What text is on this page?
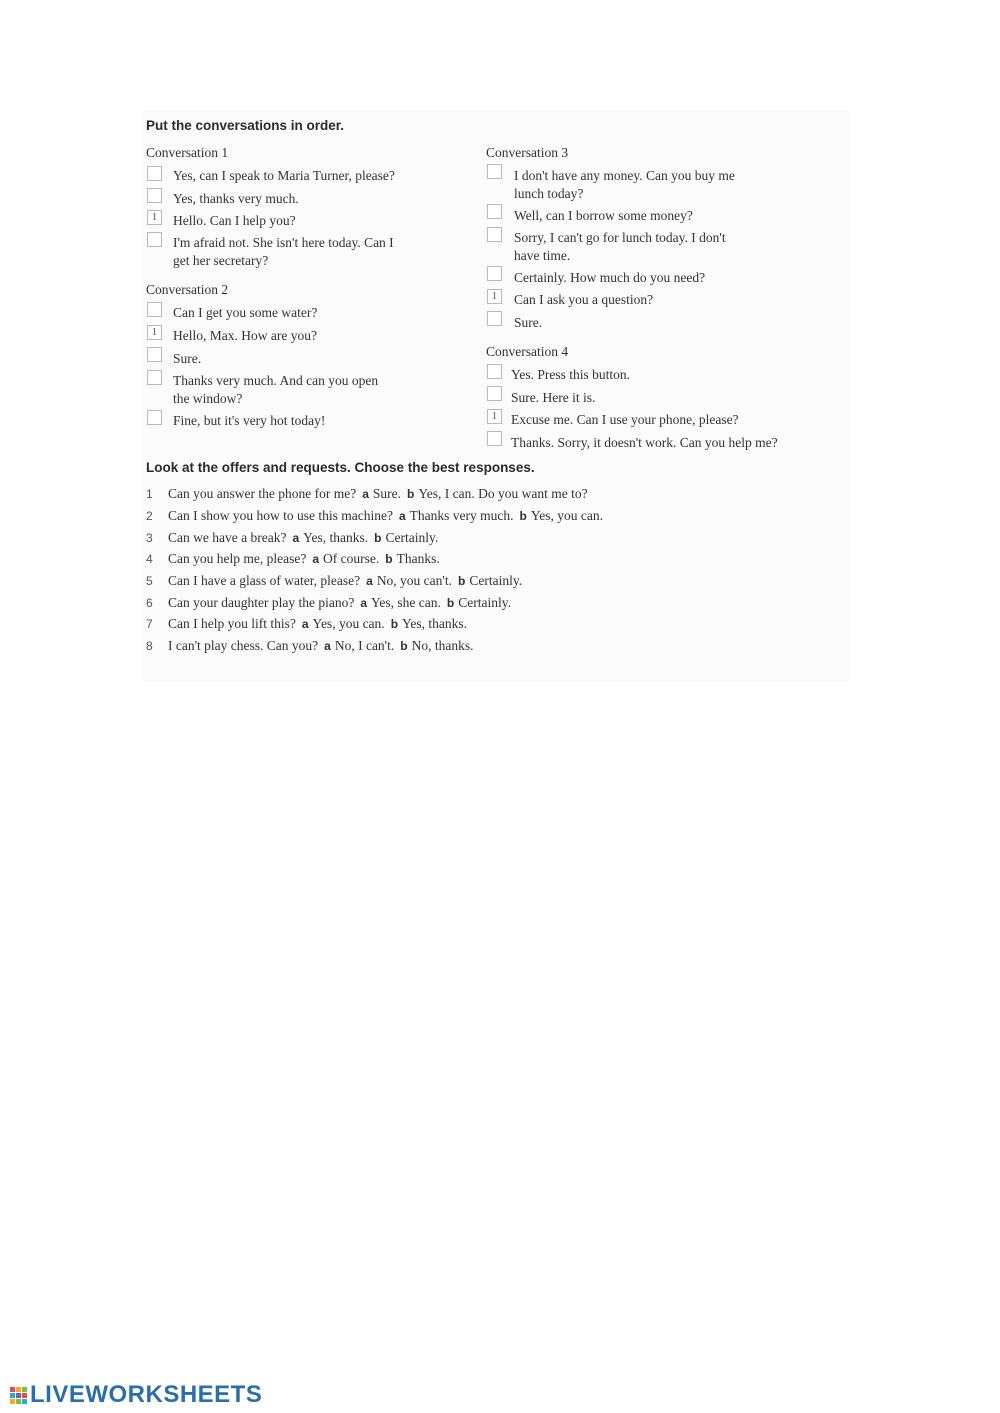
Put the conversations in order.
Conversation 1
Yes, can I speak to Maria Turner, please?
Yes, thanks very much.
1	Hello. Can I help you?
I'm afraid not. She isn't here today. Can I
get her secretary?
Conversation 2
Can I get you some water?
1	Hello, Max. How are you?
Sure.
Thanks very much. And can you open
the window?
Fine, but it's very hot today!
Conversation 3
I don't have any money. Can you buy me
lunch today?
Well, can I borrow some money?
Sorry, I can't go for lunch today. I don't
have time.
Certainly. How much do you need?
1	Can I ask you a question?
Sure.
Conversation 4
Yes. Press this button.
Sure. Here it is.
1	Excuse me. Can I use your phone, please?
Thanks. Sorry, it doesn't work. Can you help me?
Look at the offers and requests. Choose the best responses.
1 Can you answer the phone for me? a Sure. b Yes, I can. Do you want me to?
2 Can I show you how to use this machine? a Thanks very much. b Yes, you can.
3 Can we have a break? a Yes, thanks. b Certainly.
4 Can you help me, please? a Of course. b Thanks.
5 Can I have a glass of water, please? a No, you can't. b Certainly.
6 Can your daughter play the piano? a Yes, she can. b Certainly.
7 Can I help you lift this? a Yes, you can. b Yes, thanks.
8 I can't play chess. Can you? a No, I can't. b No, thanks.
LIVEWORKSHEETS
